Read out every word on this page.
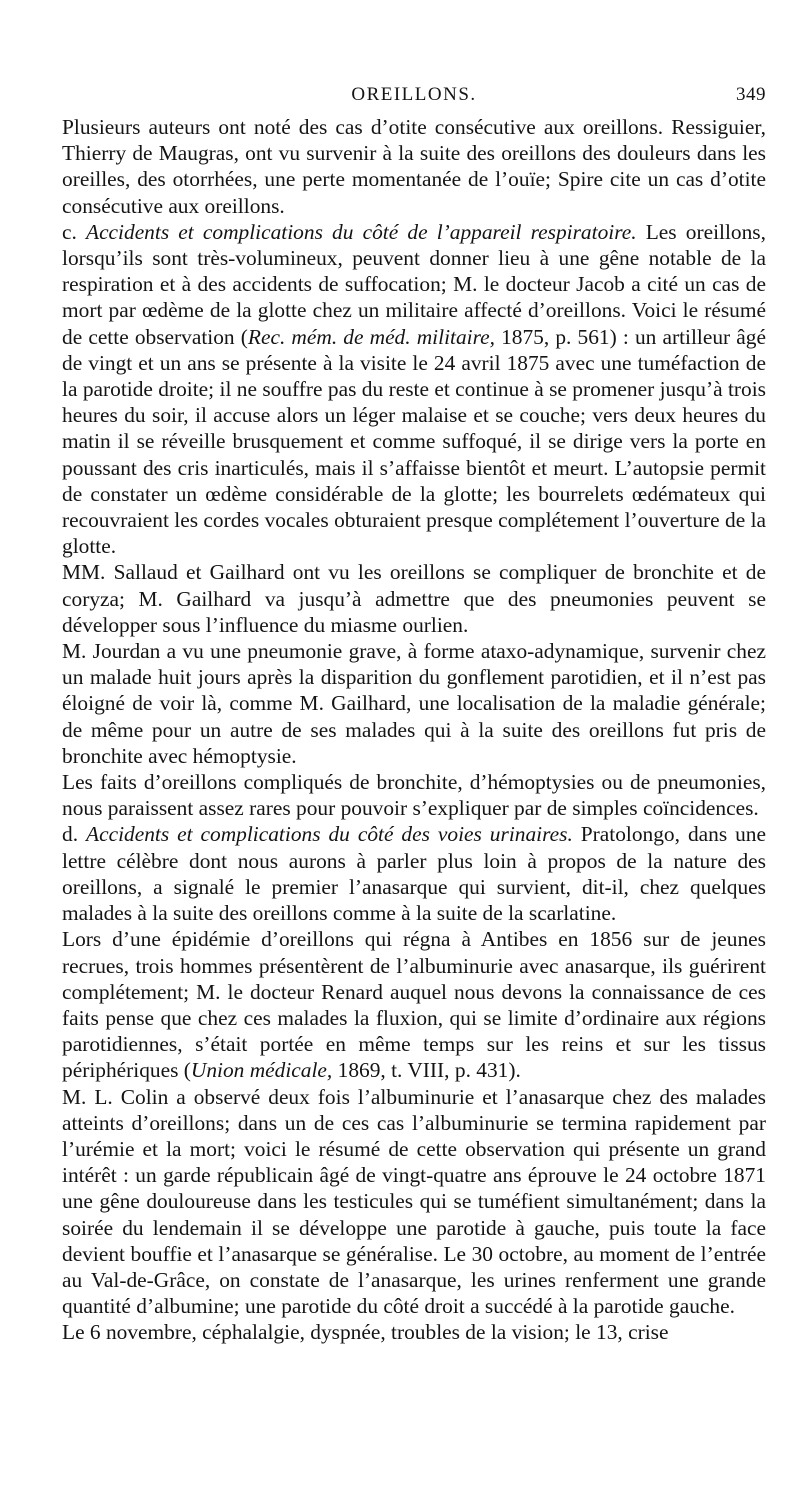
OREILLONS.	349

Plusieurs auteurs ont noté des cas d’otite consécutive aux oreillons. Ressiguier, Thierry de Maugras, ont vu survenir à la suite des oreillons des douleurs dans les oreilles, des otorrhées, une perte momentanée de l’ouïe; Spire cite un cas d’otite consécutive aux oreillons.

c. Accidents et complications du côté de l’appareil respiratoire. Les oreillons, lorsqu’ils sont très-volumineux, peuvent donner lieu à une gêne notable de la respiration et à des accidents de suffocation; M. le docteur Jacob a cité un cas de mort par œdème de la glotte chez un militaire affecté d’oreillons. Voici le résumé de cette observation (Rec. mém. de méd. militaire, 1875, p. 561) : un artilleur âgé de vingt et un ans se présente à la visite le 24 avril 1875 avec une tuméfaction de la parotide droite; il ne souffre pas du reste et continue à se promener jusqu’à trois heures du soir, il accuse alors un léger malaise et se couche; vers deux heures du matin il se réveille brusquement et comme suffoqué, il se dirige vers la porte en poussant des cris inarticulés, mais il s’affaisse bientôt et meurt. L’autopsie permit de constater un œdème considérable de la glotte; les bourrelets œdémateux qui recouvraient les cordes vocales obturaient presque complétement l’ouverture de la glotte.

MM. Sallaud et Gailhard ont vu les oreillons se compliquer de bronchite et de coryza; M. Gailhard va jusqu’à admettre que des pneumonies peuvent se développer sous l’influence du miasme ourlien.

M. Jourdan a vu une pneumonie grave, à forme ataxo-adynamique, survenir chez un malade huit jours après la disparition du gonflement parotidien, et il n’est pas éloigné de voir là, comme M. Gailhard, une localisation de la maladie générale; de même pour un autre de ses malades qui à la suite des oreillons fut pris de bronchite avec hémoptysie.

Les faits d’oreillons compliqués de bronchite, d’hémoptysies ou de pneumonies, nous paraissent assez rares pour pouvoir s’expliquer par de simples coïncidences.

d. Accidents et complications du côté des voies urinaires. Pratolongo, dans une lettre célèbre dont nous aurons à parler plus loin à propos de la nature des oreillons, a signalé le premier l’anasarque qui survient, dit-il, chez quelques malades à la suite des oreillons comme à la suite de la scarlatine.

Lors d’une épidémie d’oreillons qui régna à Antibes en 1856 sur de jeunes recrues, trois hommes présentèrent de l’albuminurie avec anasarque, ils guérirent complétement; M. le docteur Renard auquel nous devons la connaissance de ces faits pense que chez ces malades la fluxion, qui se limite d’ordinaire aux régions parotidiennes, s’était portée en même temps sur les reins et sur les tissus périphériques (Union médicale, 1869, t. VIII, p. 431).

M. L. Colin a observé deux fois l’albuminurie et l’anasarque chez des malades atteints d’oreillons; dans un de ces cas l’albuminurie se termina rapidement par l’urémie et la mort; voici le résumé de cette observation qui présente un grand intérêt : un garde républicain âgé de vingt-quatre ans éprouve le 24 octobre 1871 une gêne douloureuse dans les testicules qui se tuméfient simultanément; dans la soirée du lendemain il se développe une parotide à gauche, puis toute la face devient bouffie et l’anasarque se généralise. Le 30 octobre, au moment de l’entrée au Val-de-Grâce, on constate de l’anasarque, les urines renferment une grande quantité d’albumine; une parotide du côté droit a succédé à la parotide gauche.

Le 6 novembre, céphalalgie, dyspnée, troubles de la vision; le 13, crise
